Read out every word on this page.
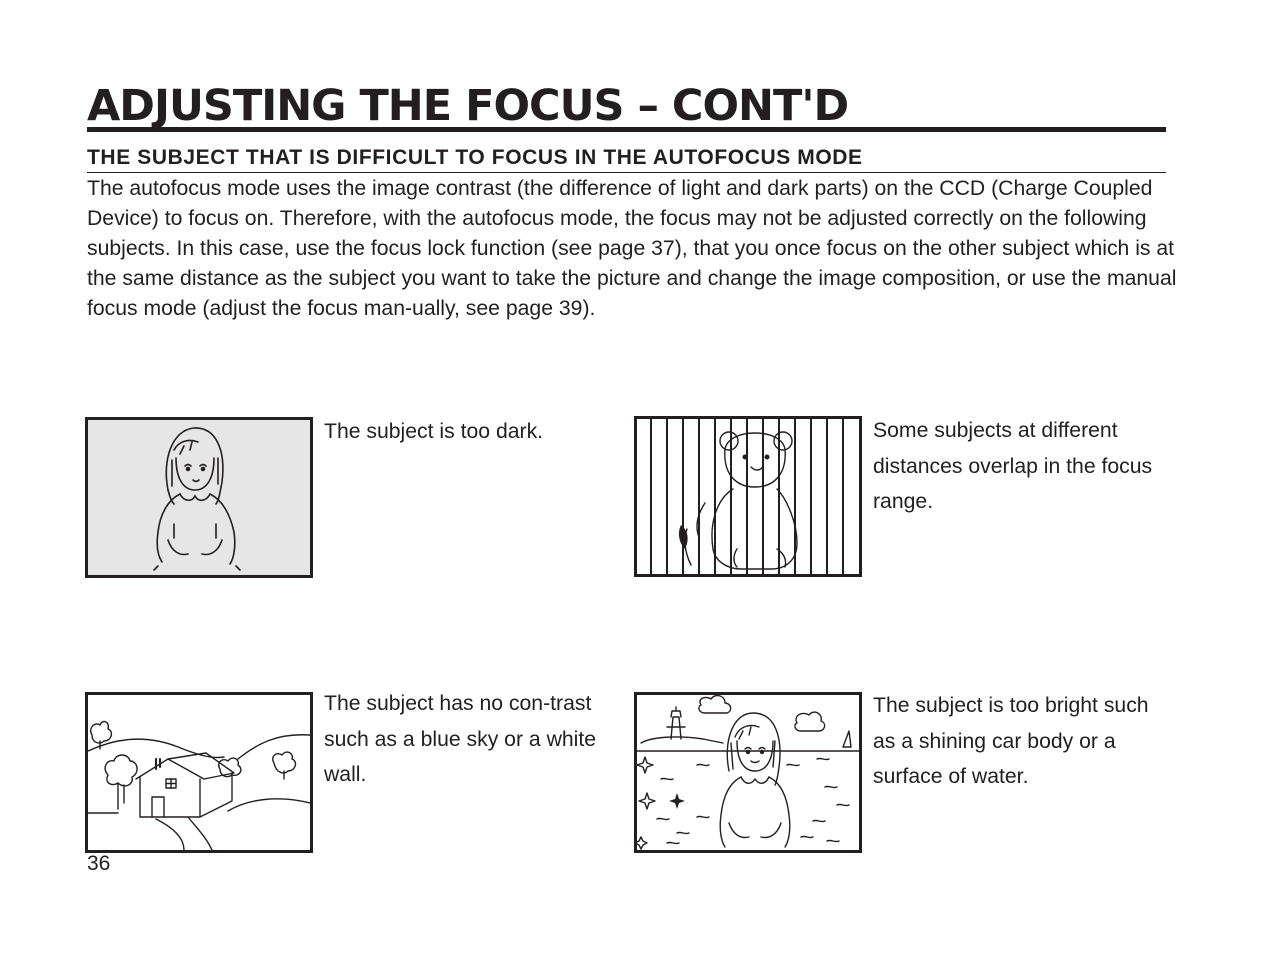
ADJUSTING THE FOCUS – CONT'D
THE SUBJECT THAT IS DIFFICULT TO FOCUS IN THE AUTOFOCUS MODE

The autofocus mode uses the image contrast (the difference of light and dark parts) on the CCD (Charge Coupled Device) to focus on. Therefore, with the autofocus mode, the focus may not be adjusted correctly on the following subjects. In this case, use the focus lock function (see page 37), that you once focus on the other subject which is at the same distance as the subject you want to take the picture and change the image composition, or use the manual focus mode (adjust the focus man-ually, see page 39).

The subject is too dark.	Some subjects at different distances overlap in the focus range.

The subject has no con-trast such as a blue sky or a white wall.

The subject is too bright such as a shining car body or a surface of water.

36
